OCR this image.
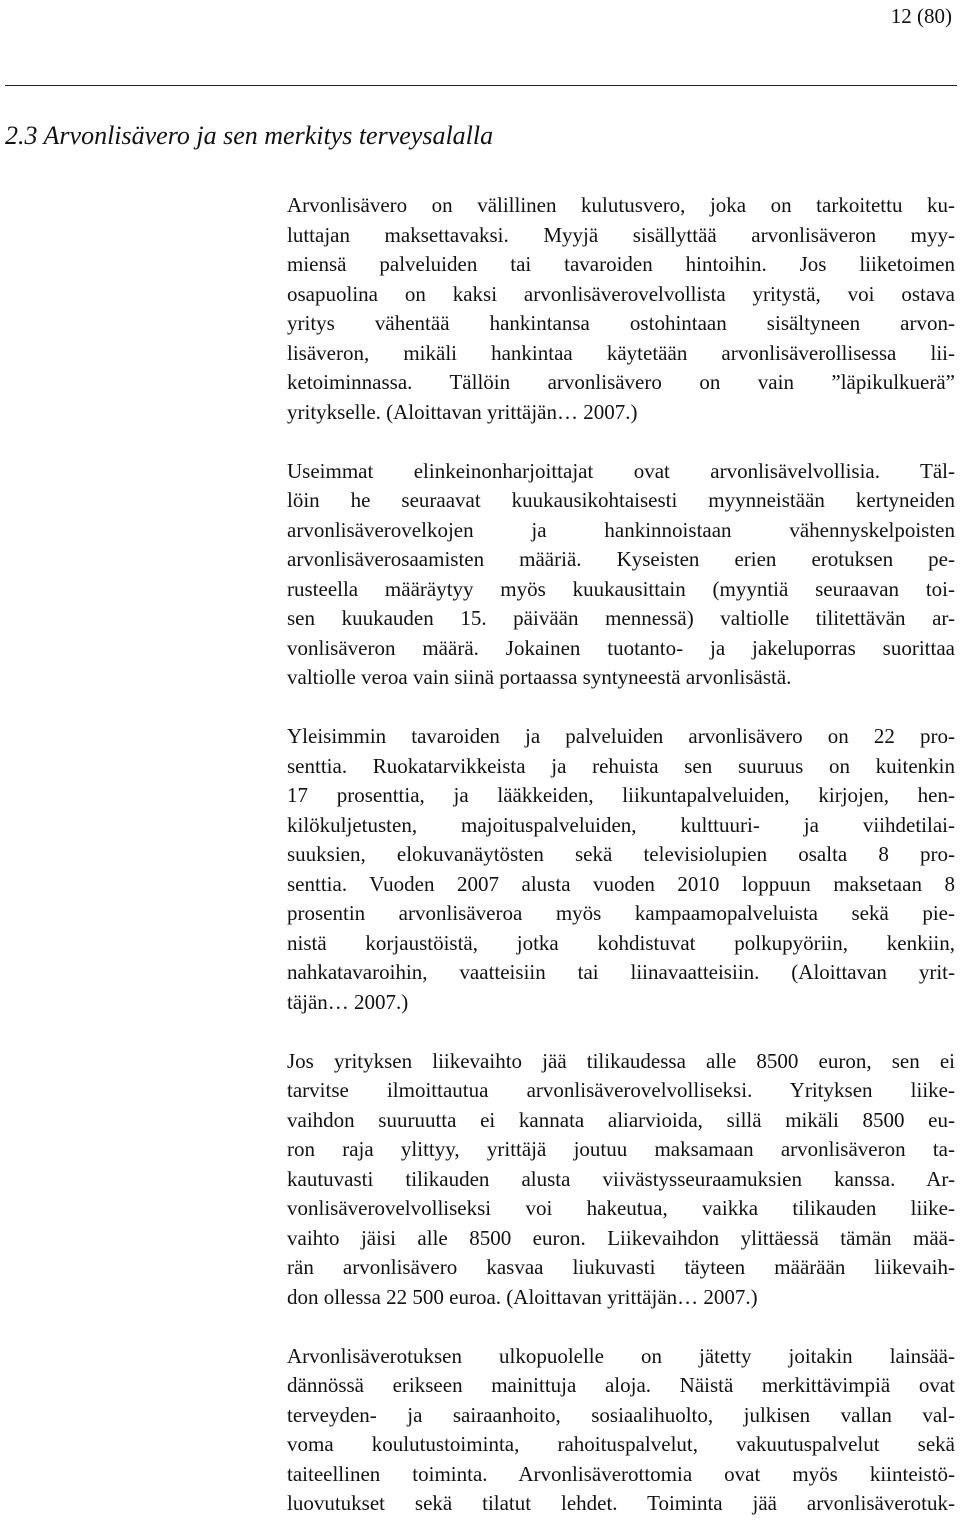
12 (80)
2.3 Arvonlisävero ja sen merkitys terveysalalla

Arvonlisävero on välillinen kulutusvero, joka on tarkoitettu ku-
luttajan maksettavaksi. Myyjä sisällyttää arvonlisäveron myy-
miensä palveluiden tai tavaroiden hintoihin. Jos liiketoimen
osapuolina on kaksi arvonlisäverovelvollista yritystä, voi ostava
yritys vähentää hankintansa ostohintaan sisältyneen arvon-
lisäveron, mikäli hankintaa käytetään arvonlisäverollisessa lii-
ketoiminnassa. Tällöin arvonlisävero on vain ”läpikulkuerä”
yritykselle. (Aloittavan yrittäjän… 2007.)

Useimmat elinkeinonharjoittajat ovat arvonlisävelvollisia. Täl-
löin he seuraavat kuukausikohtaisesti myynneistään kertyneiden
arvonlisäverovelkojen ja hankinnoistaan vähennyskelpoisten
arvonlisäverosaamisten määriä. Kyseisten erien erotuksen pe-
rusteella määräytyy myös kuukausittain (myyntiä seuraavan toi-
sen kuukauden 15. päivään mennessä) valtiolle tilitettävän ar-
vonlisäveron määrä. Jokainen tuotanto- ja jakeluporras suorittaa
valtiolle veroa vain siinä portaassa syntyneestä arvonlisästä.

Yleisimmin tavaroiden ja palveluiden arvonlisävero on 22 pro-
senttia. Ruokatarvikkeista ja rehuista sen suuruus on kuitenkin
17 prosenttia, ja lääkkeiden, liikuntapalveluiden, kirjojen, hen-
kilökuljetusten, majoituspalveluiden, kulttuuri- ja viihdetilai-
suuksien, elokuvanäytösten sekä televisiolupien osalta 8 pro-
senttia. Vuoden 2007 alusta vuoden 2010 loppuun maksetaan 8
prosentin arvonlisäveroa myös kampaamopalveluista sekä pie-
nistä korjaustöistä, jotka kohdistuvat polkupyöriin, kenkiin,
nahkatavaroihin, vaatteisiin tai liinavaatteisiin. (Aloittavan yrit-
täjän… 2007.)

Jos yrityksen liikevaihto jää tilikaudessa alle 8500 euron, sen ei
tarvitse ilmoittautua arvonlisäverovelvolliseksi. Yrityksen liike-
vaihdon suuruutta ei kannata aliarvioida, sillä mikäli 8500 eu-
ron raja ylittyy, yrittäjä joutuu maksamaan arvonlisäveron ta-
kautuvasti tilikauden alusta viivästysseuraamuksien kanssa. Ar-
vonlisäverovelvolliseksi voi hakeutua, vaikka tilikauden liike-
vaihto jäisi alle 8500 euron. Liikevaihdon ylittäessä tämän mää-
rän arvonlisävero kasvaa liukuvasti täyteen määrään liikevaih-
don ollessa 22 500 euroa. (Aloittavan yrittäjän… 2007.)

Arvonlisäverotuksen ulkopuolelle on jätetty joitakin lainsää-
dännössä erikseen mainittuja aloja. Näistä merkittävimpiä ovat
terveyden- ja sairaanhoito, sosiaalihuolto, julkisen vallan val-
voma koulutustoiminta, rahoituspalvelut, vakuutuspalvelut sekä
taiteellinen toiminta. Arvonlisäverottomia ovat myös kiinteistö-
luovutukset sekä tilatut lehdet. Toiminta jää arvonlisäverotuk-
